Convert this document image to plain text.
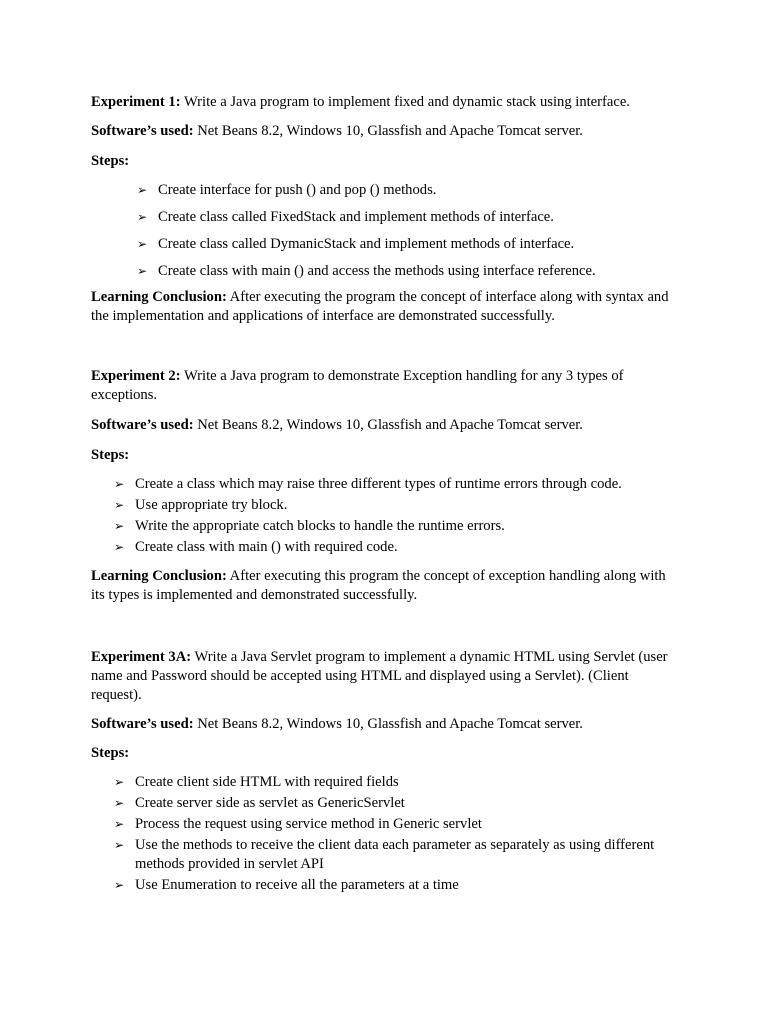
Experiment 1: Write a Java program to implement fixed and dynamic stack using interface.

Software’s used: Net Beans 8.2, Windows 10, Glassfish and Apache Tomcat server.

Steps:

➢ Create interface for push () and pop () methods.
➢ Create class called FixedStack and implement methods of interface.
➢ Create class called DymanicStack and implement methods of interface.
➢ Create class with main () and access the methods using interface reference.

Learning Conclusion: After executing the program the concept of interface along with syntax and the implementation and applications of interface are demonstrated successfully.

Experiment 2: Write a Java program to demonstrate Exception handling for any 3 types of exceptions.

Software’s used: Net Beans 8.2, Windows 10, Glassfish and Apache Tomcat server.

Steps:

➢ Create a class which may raise three different types of runtime errors through code.
➢ Use appropriate try block.
➢ Write the appropriate catch blocks to handle the runtime errors.
➢ Create class with main () with required code.

Learning Conclusion: After executing this program the concept of exception handling along with its types is implemented and demonstrated successfully.

Experiment 3A: Write a Java Servlet program to implement a dynamic HTML using Servlet (user name and Password should be accepted using HTML and displayed using a Servlet). (Client request).

Software’s used: Net Beans 8.2, Windows 10, Glassfish and Apache Tomcat server.

Steps:

➢ Create client side HTML with required fields
➢ Create server side as servlet as GenericServlet
➢ Process the request using service method in Generic servlet
➢ Use the methods to receive the client data each parameter as separately as using different methods provided in servlet API
➢ Use Enumeration to receive all the parameters at a time
